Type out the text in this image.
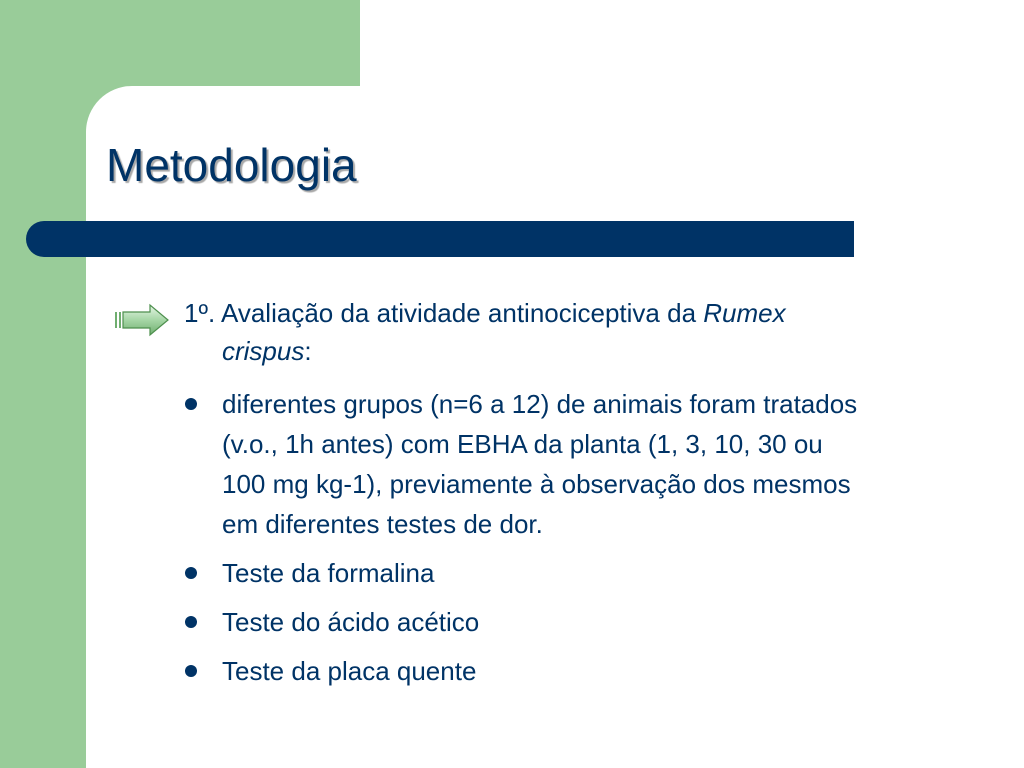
Metodologia
1º. Avaliação da atividade antinociceptiva da Rumex
crispus:
diferentes grupos (n=6 a 12) de animais foram tratados
(v.o., 1h antes) com EBHA da planta (1, 3, 10, 30 ou
100 mg kg-1), previamente à observação dos mesmos
em diferentes testes de dor.
Teste da formalina
Teste do ácido acético
Teste da placa quente
